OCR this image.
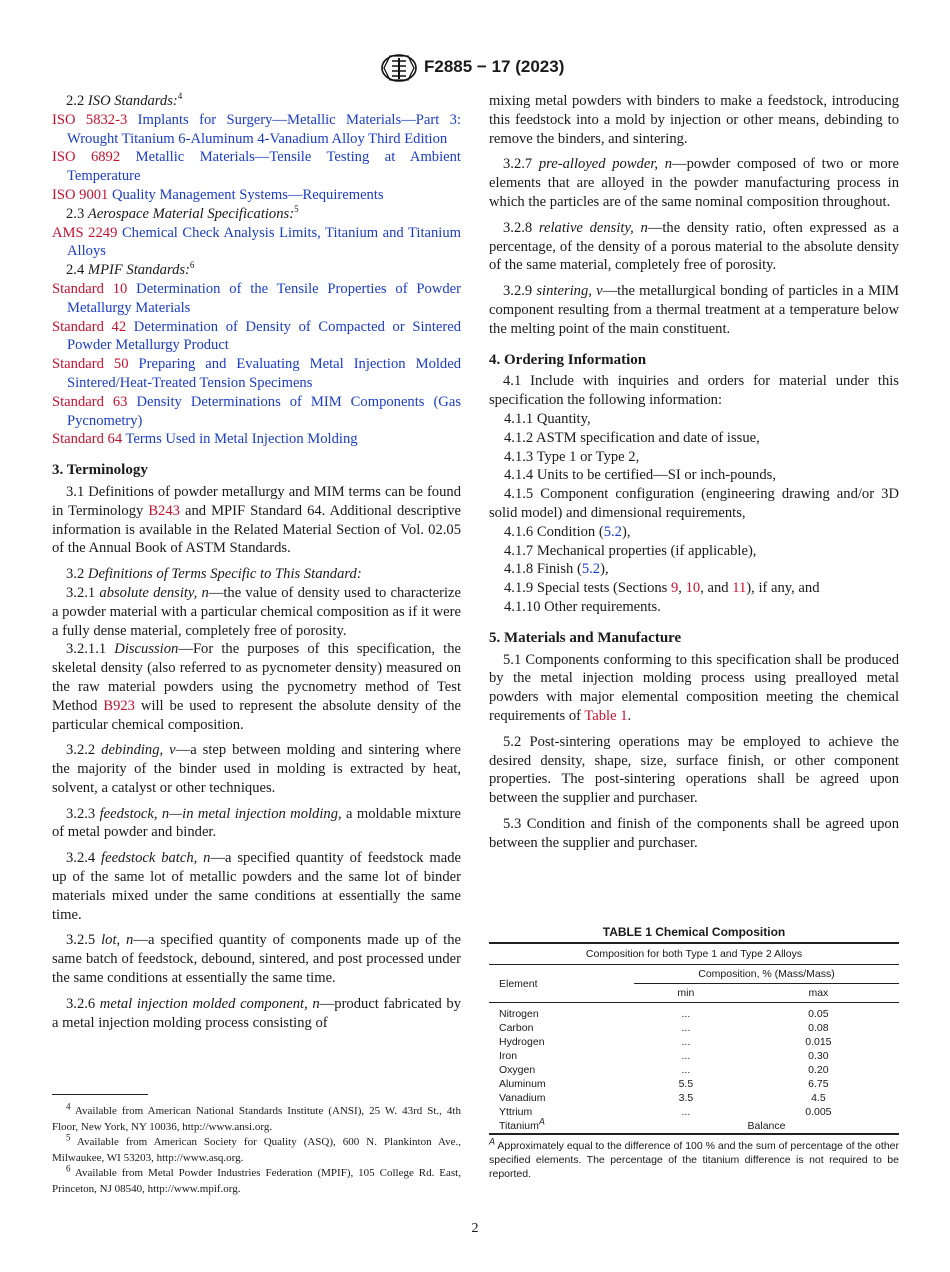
F2885 − 17 (2023)

2.2 ISO Standards:$^4$

ISO 5832-3 Implants for Surgery—Metallic Materials—Part 3: Wrought Titanium 6-Aluminum 4-Vanadium Alloy Third Edition

ISO 6892 Metallic Materials—Tensile Testing at Ambient Temperature

ISO 9001 Quality Management Systems—Requirements

2.3 Aerospace Material Specifications:$^5$

AMS 2249 Chemical Check Analysis Limits, Titanium and Titanium Alloys

2.4 MPIF Standards:$^6$

Standard 10 Determination of the Tensile Properties of Powder Metallurgy Materials

Standard 42 Determination of Density of Compacted or Sintered Powder Metallurgy Product

Standard 50 Preparing and Evaluating Metal Injection Molded Sintered/Heat-Treated Tension Specimens

Standard 63 Density Determinations of MIM Components (Gas Pycnometry)

Standard 64 Terms Used in Metal Injection Molding

3. Terminology

3.1 Definitions of powder metallurgy and MIM terms can be found in Terminology B243 and MPIF Standard 64. Additional descriptive information is available in the Related Material Section of Vol. 02.05 of the Annual Book of ASTM Standards.

3.2 Definitions of Terms Specific to This Standard:

3.2.1 absolute density, n—the value of density used to characterize a powder material with a particular chemical composition as if it were a fully dense material, completely free of porosity.

3.2.1.1 Discussion—For the purposes of this specification, the skeletal density (also referred to as pycnometer density) measured on the raw material powders using the pycnometry method of Test Method B923 will be used to represent the absolute density of the particular chemical composition.

3.2.2 debinding, v—a step between molding and sintering where the majority of the binder used in molding is extracted by heat, solvent, a catalyst or other techniques.

3.2.3 feedstock, n—in metal injection molding, a moldable mixture of metal powder and binder.

3.2.4 feedstock batch, n—a specified quantity of feedstock made up of the same lot of metallic powders and the same lot of binder materials mixed under the same conditions at essentially the same time.

3.2.5 lot, n—a specified quantity of components made up of the same batch of feedstock, debound, sintered, and post processed under the same conditions at essentially the same time.

3.2.6 metal injection molded component, n—product fabricated by a metal injection molding process consisting of

$^4$ Available from American National Standards Institute (ANSI), 25 W. 43rd St., 4th Floor, New York, NY 10036, http://www.ansi.org.

$^5$ Available from American Society for Quality (ASQ), 600 N. Plankinton Ave., Milwaukee, WI 53203, http://www.asq.org.

$^6$ Available from Metal Powder Industries Federation (MPIF), 105 College Rd. East, Princeton, NJ 08540, http://www.mpif.org.

mixing metal powders with binders to make a feedstock, introducing this feedstock into a mold by injection or other means, debinding to remove the binders, and sintering.

3.2.7 pre-alloyed powder, n—powder composed of two or more elements that are alloyed in the powder manufacturing process in which the particles are of the same nominal composition throughout.

3.2.8 relative density, n—the density ratio, often expressed as a percentage, of the density of a porous material to the absolute density of the same material, completely free of porosity.

3.2.9 sintering, v—the metallurgical bonding of particles in a MIM component resulting from a thermal treatment at a temperature below the melting point of the main constituent.

4. Ordering Information

4.1 Include with inquiries and orders for material under this specification the following information:

4.1.1 Quantity,

4.1.2 ASTM specification and date of issue,

4.1.3 Type 1 or Type 2,

4.1.4 Units to be certified—SI or inch-pounds,

4.1.5 Component configuration (engineering drawing and/or 3D solid model) and dimensional requirements,

4.1.6 Condition (5.2),

4.1.7 Mechanical properties (if applicable),

4.1.8 Finish (5.2),

4.1.9 Special tests (Sections 9, 10, and 11), if any, and

4.1.10 Other requirements.

5. Materials and Manufacture

5.1 Components conforming to this specification shall be produced by the metal injection molding process using prealloyed metal powders with major elemental composition meeting the chemical requirements of Table 1.

5.2 Post-sintering operations may be employed to achieve the desired density, shape, size, surface finish, or other component properties. The post-sintering operations shall be agreed upon between the supplier and purchaser.

5.3 Condition and finish of the components shall be agreed upon between the supplier and purchaser.

TABLE 1 Chemical Composition
Composition for both Type 1 and Type 2 Alloys		
Element	Composition, % (Mass/Mass)	
	min	max

Nitrogen	...	0.05
Carbon	...	0.08
Hydrogen	...	0.015
Iron	...	0.30
Oxygen	...	0.20
Aluminum	5.5	6.75
Vanadium	3.5	4.5
Yttrium	...	0.005
Titanium$^A$	Balance	
$^A$ Approximately equal to the difference of 100 % and the sum of percentage of the other specified elements. The percentage of the titanium difference is not required to be reported.
2
